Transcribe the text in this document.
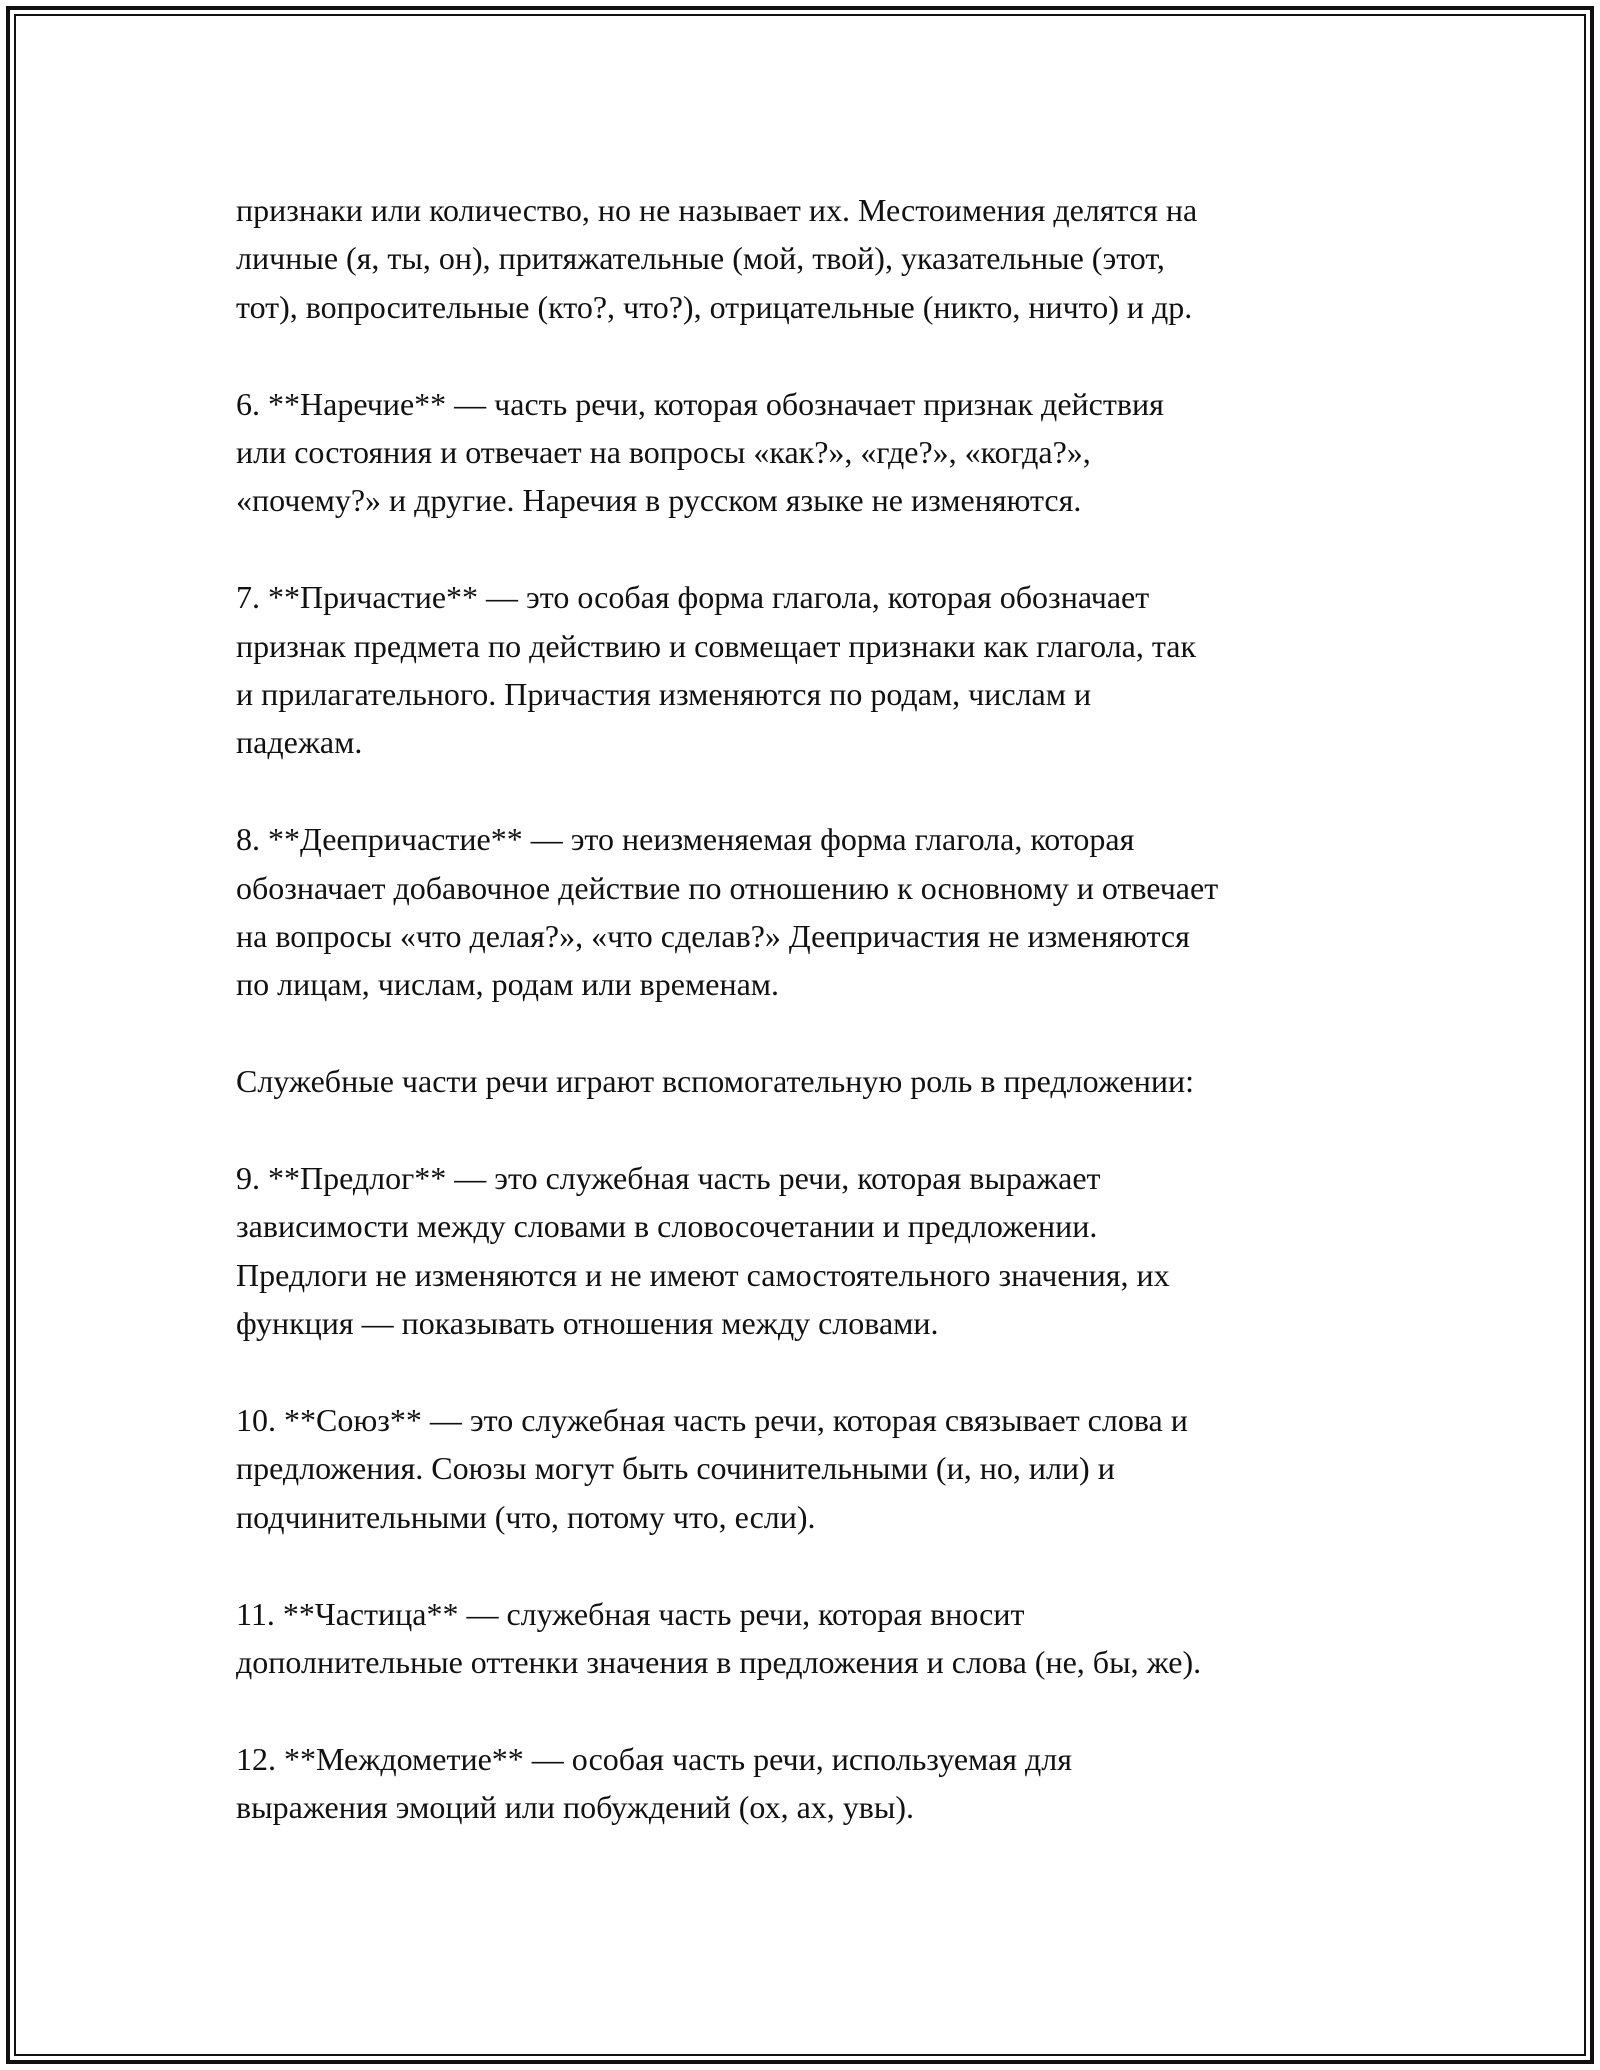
признаки или количество, но не называет их. Местоимения делятся на
личные (я, ты, он), притяжательные (мой, твой), указательные (этот,
тот), вопросительные (кто?, что?), отрицательные (никто, ничто) и др.

6. **Наречие** — часть речи, которая обозначает признак действия
или состояния и отвечает на вопросы «как?», «где?», «когда?»,
«почему?» и другие. Наречия в русском языке не изменяются.

7. **Причастие** — это особая форма глагола, которая обозначает
признак предмета по действию и совмещает признаки как глагола, так
и прилагательного. Причастия изменяются по родам, числам и
падежам.

8. **Деепричастие** — это неизменяемая форма глагола, которая
обозначает добавочное действие по отношению к основному и отвечает
на вопросы «что делая?», «что сделав?» Деепричастия не изменяются
по лицам, числам, родам или временам.

Служебные части речи играют вспомогательную роль в предложении:

9. **Предлог** — это служебная часть речи, которая выражает
зависимости между словами в словосочетании и предложении.
Предлоги не изменяются и не имеют самостоятельного значения, их
функция — показывать отношения между словами.

10. **Союз** — это служебная часть речи, которая связывает слова и
предложения. Союзы могут быть сочинительными (и, но, или) и
подчинительными (что, потому что, если).

11. **Частица** — служебная часть речи, которая вносит
дополнительные оттенки значения в предложения и слова (не, бы, же).

12. **Междометие** — особая часть речи, используемая для
выражения эмоций или побуждений (ох, ах, увы).
